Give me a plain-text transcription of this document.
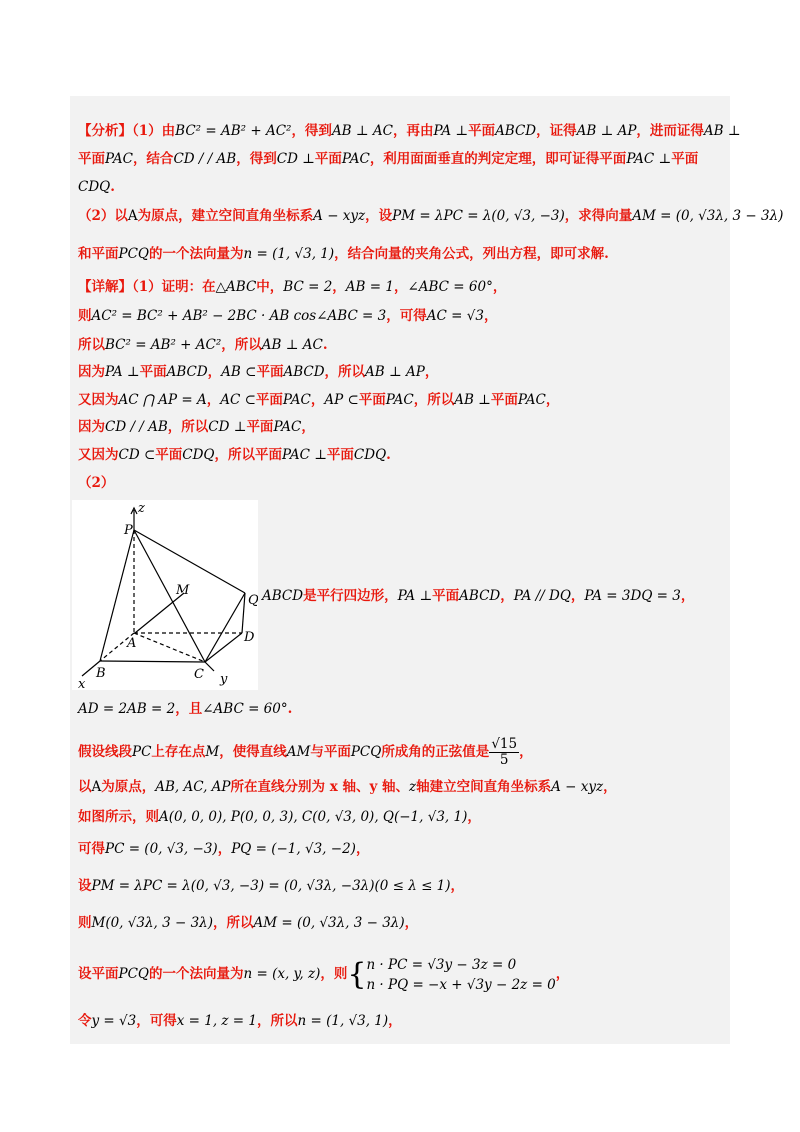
【分析】（1）由BC² = AB² + AC²，得到AB ⊥ AC，再由PA ⊥平面ABCD，证得AB ⊥ AP，进而证得AB ⊥
平面PAC，结合CD / / AB，得到CD ⊥平面PAC，利用面面垂直的判定定理，即可证得平面PAC ⊥平面
CDQ.
（2）以A为原点，建立空间直角坐标系A − xyz，设PM = λPC = λ(0, √3, −3)，求得向量AM = (0, √3λ, 3 − 3λ)
和平面PCQ的一个法向量为n = (1, √3, 1)，结合向量的夹角公式，列出方程，即可求解.
【详解】（1）证明：在△ABC中，BC = 2，AB = 1，∠ABC = 60°，
则AC² = BC² + AB² − 2BC · AB cos∠ABC = 3，可得AC = √3，
所以BC² = AB² + AC²，所以AB ⊥ AC.
因为PA ⊥平面ABCD，AB ⊂平面ABCD，所以AB ⊥ AP，
又因为AC ⋂ AP = A，AC ⊂平面PAC，AP ⊂平面PAC，所以AB ⊥平面PAC，
因为CD / / AB，所以CD ⊥平面PAC，
又因为CD ⊂平面CDQ，所以平面PAC ⊥平面CDQ.
（2）
z
P
M
Q
A	D
B	C
x	y
ABCD是平行四边形，PA ⊥平面ABCD，PA // DQ，PA = 3DQ = 3，
AD = 2AB = 2，且∠ABC = 60°.
假设线段PC上存在点M，使得直线AM与平面PCQ所成角的正弦值是 $\frac{√15}{5}$ ，
以A为原点，AB, AC, AP所在直线分别为 x 轴、y 轴、z轴建立空间直角坐标系A − xyz，
如图所示，则A(0, 0, 0), P(0, 0, 3), C(0, √3, 0), Q(−1, √3, 1)，
可得PC = (0, √3, −3)，PQ = (−1, √3, −2)，
设PM = λPC = λ(0, √3, −3) = (0, √3λ, −3λ)(0 ≤ λ ≤ 1)，
则M(0, √3λ, 3 − 3λ)，所以AM = (0, √3λ, 3 − 3λ)，
设平面PCQ的一个法向量为n = (x, y, z)，则{ n · PC = √3y − 3z = 0
n · PQ = −x + √3y − 2z = 0
，
令y = √3，可得x = 1, z = 1，所以n = (1, √3, 1)，
